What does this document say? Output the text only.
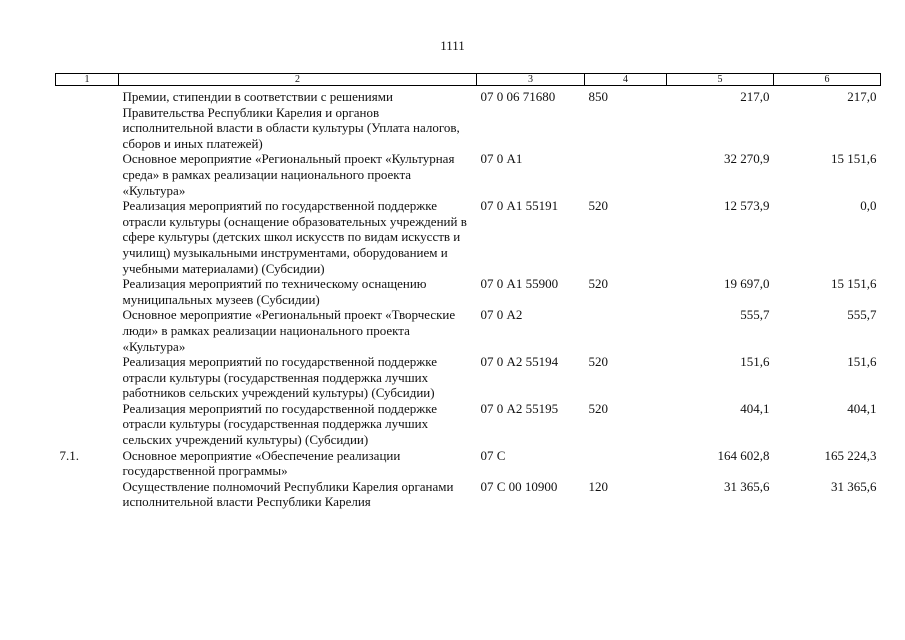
1111
1	2	3	4	5	6
	Премии, стипендии в соответствии с решениями Правительства Республики Карелия и органов исполнительной власти в области культуры (Уплата налогов, сборов и иных платежей)	07 0 06 71680	850	217,0	217,0
	Основное мероприятие «Региональный проект «Культурная среда» в рамках реализации национального проекта «Культура»	07 0 А1		32 270,9	15 151,6
	Реализация мероприятий по государственной поддержке отрасли культуры (оснащение образовательных учреждений в сфере культуры (детских школ искусств по видам искусств и училищ) музыкальными инструментами, оборудованием и учебными материалами) (Субсидии)	07 0 А1 55191	520	12 573,9	0,0
	Реализация мероприятий по техническому оснащению муниципальных музеев (Субсидии)	07 0 А1 55900	520	19 697,0	15 151,6
	Основное мероприятие «Региональный проект «Творческие люди» в рамках реализации национального проекта «Культура»	07 0 А2		555,7	555,7
	Реализация мероприятий по государственной поддержке отрасли культуры (государственная поддержка лучших работников сельских учреждений культуры) (Субсидии)	07 0 А2 55194	520	151,6	151,6
	Реализация мероприятий по государственной поддержке отрасли культуры (государственная поддержка лучших сельских учреждений культуры) (Субсидии)	07 0 А2 55195	520	404,1	404,1
7.1.	Основное мероприятие «Обеспечение реализации государственной программы»	07 С		164 602,8	165 224,3
	Осуществление полномочий Республики Карелия органами исполнительной власти Республики Карелия	07 С 00 10900	120	31 365,6	31 365,6
